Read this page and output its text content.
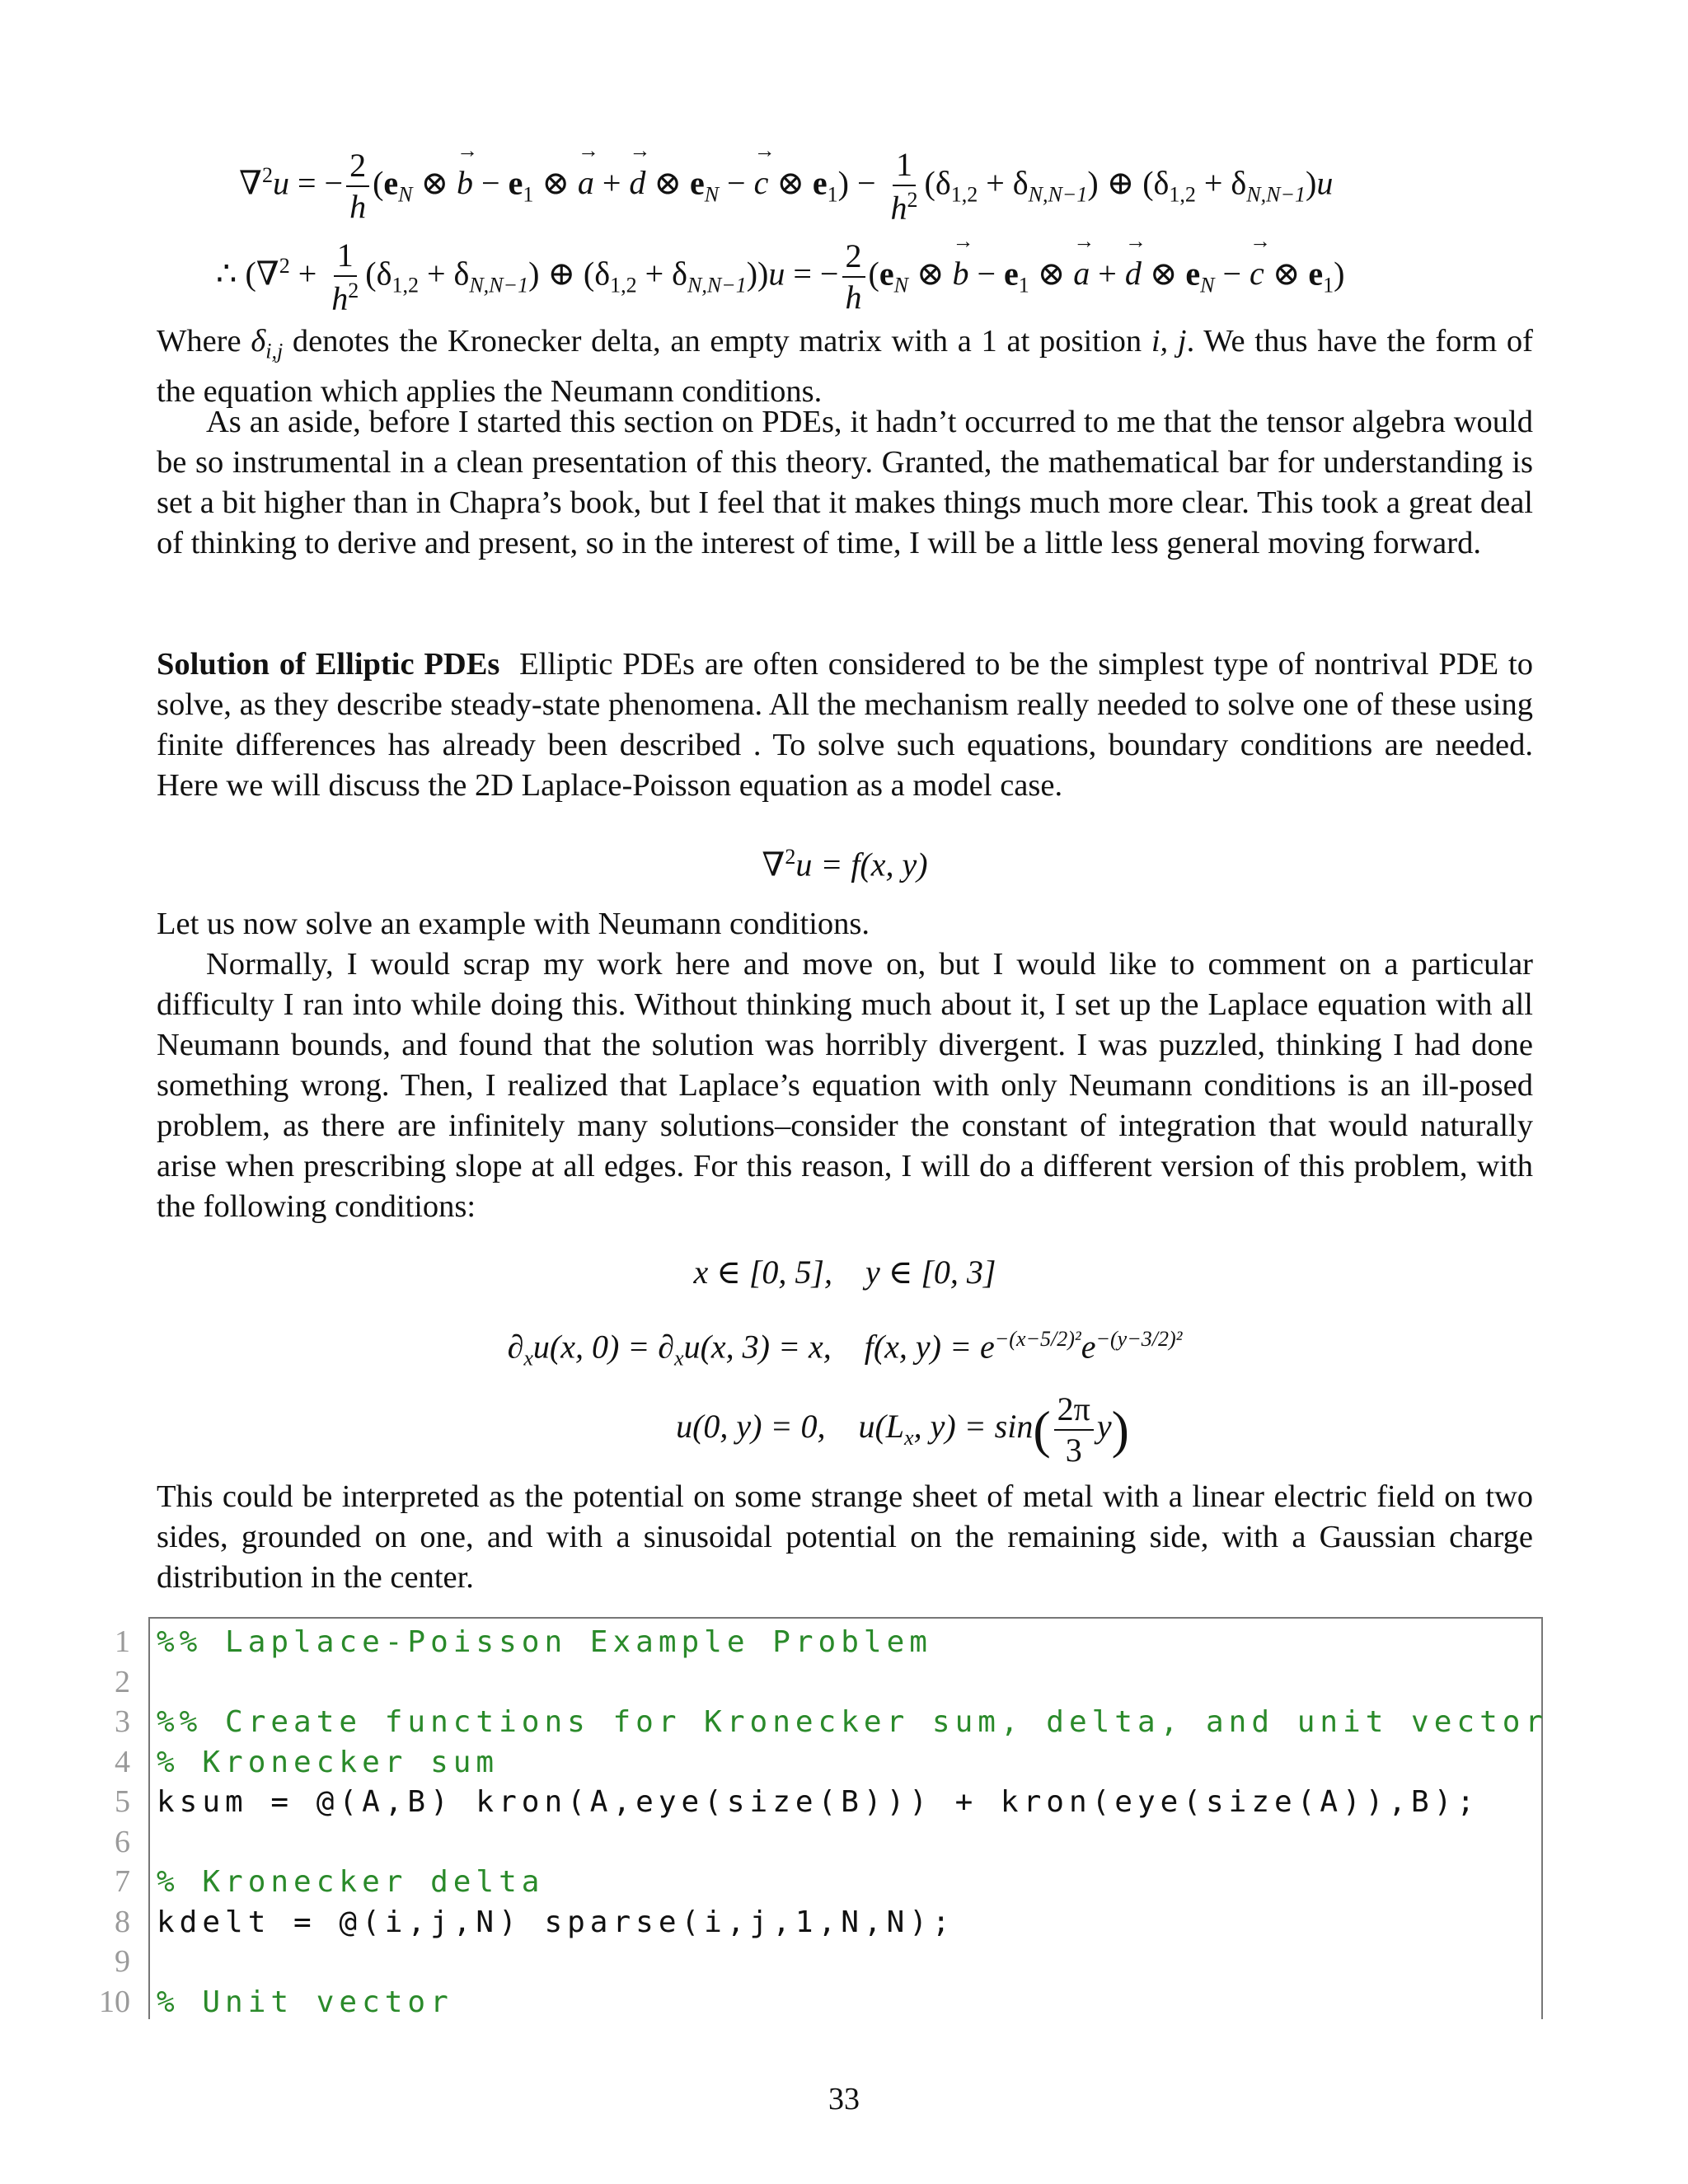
∇$^2$u = − $\frac{2}{h} (e_N$ ⊗ → $b - e_1$ ⊗ → a + → d ⊗ $e_N$ − → c ⊗ $e_1) - \frac{1}{h^2} (\delta_{1,2} + \delta_{N,N-1})$ ⊕ $(\delta_{1,2} + \delta_{N,N-1})u$
∴ ($\nabla^2 + \frac{1}{h^2} (\delta_{1,2} + \delta_{N,N-1})$ ⊕ $(\delta_{1,2} + \delta_{N,N-1}))u$ = − $\frac{2}{h} (e_N$ ⊗ → $b - e_1$ ⊗ → a + → d ⊗ $e_N$ − → c ⊗ $e_1$)
Where $\delta_{i,j}$ denotes the Kronecker delta, an empty matrix with a 1 at position i, j. We thus have the form of the equation which applies the Neumann conditions.
As an aside, before I started this section on PDEs, it hadn’t occurred to me that the tensor algebra would be so instrumental in a clean presentation of this theory. Granted, the mathematical bar for understanding is set a bit higher than in Chapra’s book, but I feel that it makes things much more clear. This took a great deal of thinking to derive and present, so in the interest of time, I will be a little less general moving forward.
Solution of Elliptic PDEs Elliptic PDEs are often considered to be the simplest type of nontrival PDE to solve, as they describe steady-state phenomena. All the mechanism really needed to solve one of these using finite differences has already been described . To solve such equations, boundary conditions are needed. Here we will discuss the 2D Laplace-Poisson equation as a model case.
∇$^2$u = f(x, y)
Let us now solve an example with Neumann conditions.
Normally, I would scrap my work here and move on, but I would like to comment on a particular difficulty I ran into while doing this. Without thinking much about it, I set up the Laplace equation with all Neumann bounds, and found that the solution was horribly divergent. I was puzzled, thinking I had done something wrong. Then, I realized that Laplace’s equation with only Neumann conditions is an ill-posed problem, as there are infinitely many solutions–consider the constant of integration that would naturally arise when prescribing slope at all edges. For this reason, I will do a different version of this problem, with the following conditions:
x ∈ [0, 5], y ∈ [0, 3]
$\partial_xu(x$, $0) = \partial_xu(x$, 3) = x, f(x, $y) = e^{-(x-5/2)^2}e^{-(y-3/2)^2}$
u(0, y) = 0, $u(L_x$, $y) = \sin( \frac{2\pi}{3} y)$
This could be interpreted as the potential on some strange sheet of metal with a linear electric field on two sides, grounded on one, and with a sinusoidal potential on the remaining side, with a Gaussian charge distribution in the center.
1 %% Laplace-Poisson Example Problem
2
3 %% Create functions for Kronecker sum, delta, and unit vector
4 % Kronecker sum
5 ksum = @(A,B) kron(A,eye(size(B))) + kron(eye(size(A)),B);
6
7 % Kronecker delta
8 kdelt = @(i,j,N) sparse(i,j,1,N,N);
9
10 % Unit vector
33
